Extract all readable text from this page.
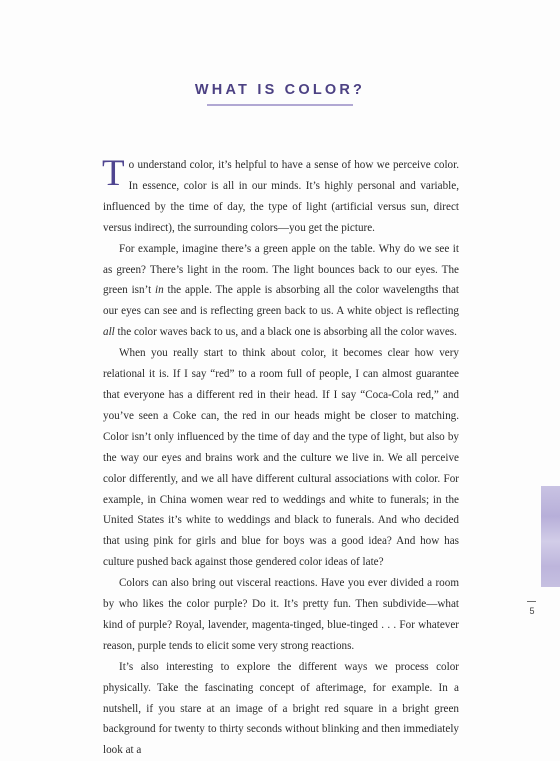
WHAT IS COLOR?

To understand color, it’s helpful to have a sense of how we perceive color. In essence, color is all in our minds. It’s highly personal and variable, influenced by the time of day, the type of light (artificial versus sun, direct versus indirect), the surrounding colors—you get the picture.

For example, imagine there’s a green apple on the table. Why do we see it as green? There’s light in the room. The light bounces back to our eyes. The green isn’t in the apple. The apple is absorbing all the color wavelengths that our eyes can see and is reflecting green back to us. A white object is reflecting all the color waves back to us, and a black one is absorbing all the color waves.

When you really start to think about color, it becomes clear how very relational it is. If I say “red” to a room full of people, I can almost guarantee that everyone has a different red in their head. If I say “Coca-Cola red,” and you’ve seen a Coke can, the red in our heads might be closer to matching. Color isn’t only influenced by the time of day and the type of light, but also by the way our eyes and brains work and the culture we live in. We all perceive color differently, and we all have different cultural associations with color. For example, in China women wear red to weddings and white to funerals; in the United States it’s white to weddings and black to funerals. And who decided that using pink for girls and blue for boys was a good idea? And how has culture pushed back against those gendered color ideas of late?

Colors can also bring out visceral reactions. Have you ever divided a room by who likes the color purple? Do it. It’s pretty fun. Then subdivide—what kind of purple? Royal, lavender, magenta-tinged, blue-tinged . . . For whatever reason, purple tends to elicit some very strong reactions.

It’s also interesting to explore the different ways we process color physically. Take the fascinating concept of afterimage, for example. In a nutshell, if you stare at an image of a bright red square in a bright green background for twenty to thirty seconds without blinking and then immediately look at a

5
